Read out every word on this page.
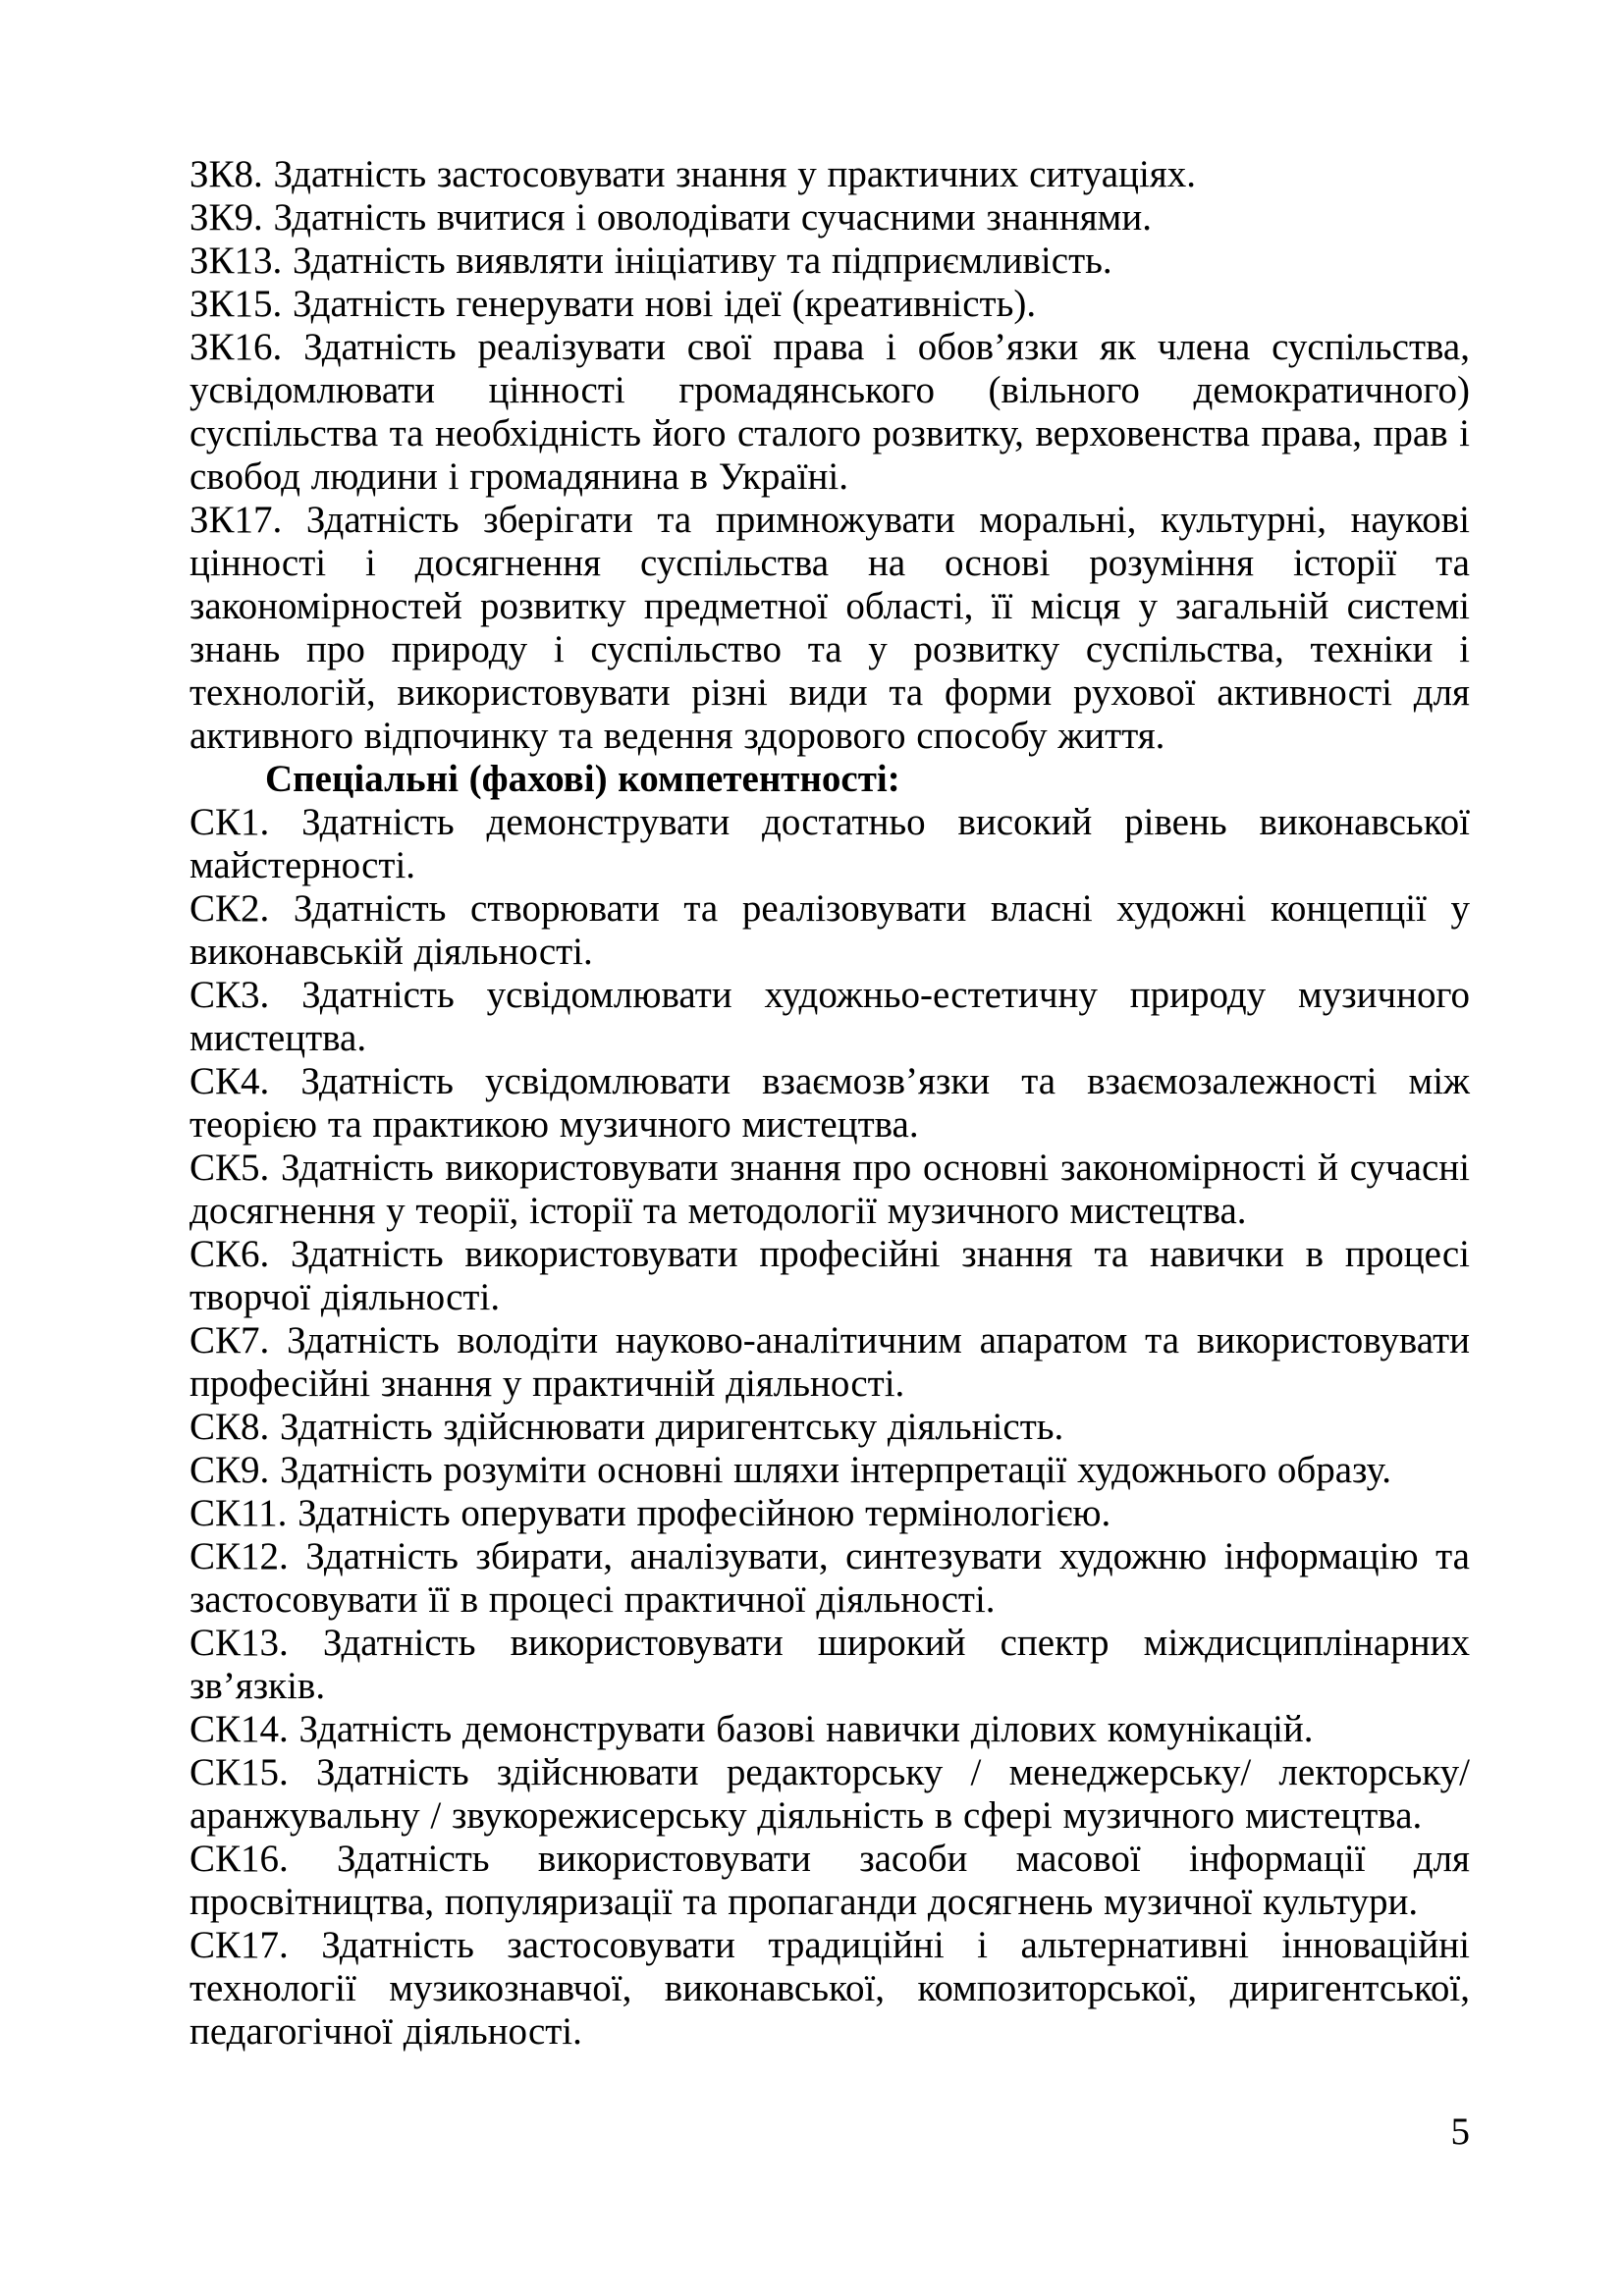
ЗК8. Здатність застосовувати знання у практичних ситуаціях.

ЗК9. Здатність вчитися і оволодівати сучасними знаннями.

ЗК13. Здатність виявляти ініціативу та підприємливість.

ЗК15. Здатність генерувати нові ідеї (креативність).

ЗК16. Здатність реалізувати свої права і обов’язки як члена суспільства, усвідомлювати цінності громадянського (вільного демократичного) суспільства та необхідність його сталого розвитку, верховенства права, прав і свобод людини і громадянина в Україні.

ЗК17. Здатність зберігати та примножувати моральні, культурні, наукові цінності і досягнення суспільства на основі розуміння історії та закономірностей розвитку предметної області, її місця у загальній системі знань про природу і суспільство та у розвитку суспільства, техніки і технологій, використовувати різні види та форми рухової активності для активного відпочинку та ведення здорового способу життя.

Спеціальні (фахові) компетентності:

СК1. Здатність демонструвати достатньо високий рівень виконавської майстерності.

СК2. Здатність створювати та реалізовувати власні художні концепції у виконавській діяльності.

СК3. Здатність усвідомлювати художньо-естетичну природу музичного мистецтва.

СК4. Здатність усвідомлювати взаємозв’язки та взаємозалежності між теорією та практикою музичного мистецтва.

СК5. Здатність використовувати знання про основні закономірності й сучасні досягнення у теорії, історії та методології музичного мистецтва.

СК6. Здатність використовувати професійні знання та навички в процесі творчої діяльності.

СК7. Здатність володіти науково-аналітичним апаратом та використовувати професійні знання у практичній діяльності.

СК8. Здатність здійснювати диригентську діяльність.

СК9. Здатність розуміти основні шляхи інтерпретації художнього образу.

СК11. Здатність оперувати професійною термінологією.

СК12. Здатність збирати, аналізувати, синтезувати художню інформацію та застосовувати її в процесі практичної діяльності.

СК13. Здатність використовувати широкий спектр міждисциплінарних зв’язків.

СК14. Здатність демонструвати базові навички ділових комунікацій.

СК15. Здатність здійснювати редакторську / менеджерську/ лекторську/ аранжувальну / звукорежисерську діяльність в сфері музичного мистецтва.

СК16. Здатність використовувати засоби масової інформації для просвітництва, популяризації та пропаганди досягнень музичної культури.

СК17. Здатність застосовувати традиційні і альтернативні інноваційні технології музикознавчої, виконавської, композиторської, диригентської, педагогічної діяльності.

5
